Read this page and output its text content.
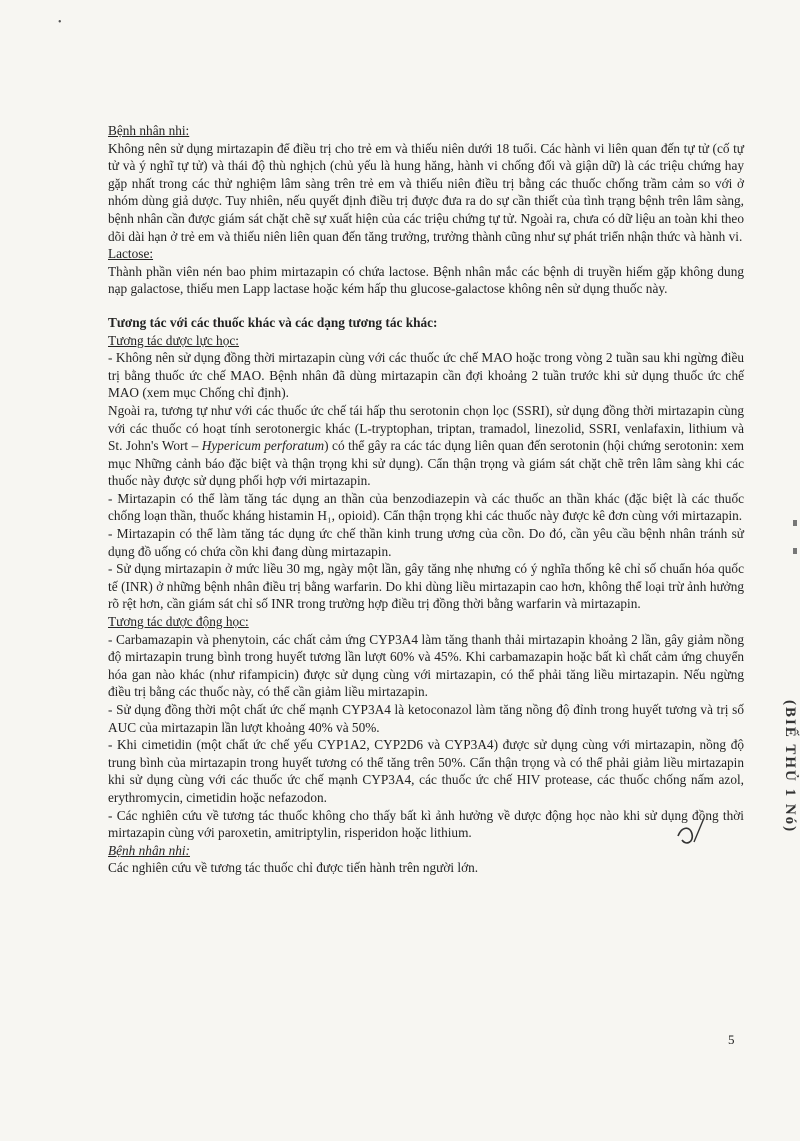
•

Bệnh nhân nhi:

Không nên sử dụng mirtazapin để điều trị cho trẻ em và thiếu niên dưới 18 tuổi. Các hành vi liên quan đến tự tử (cố tự tử và ý nghĩ tự tử) và thái độ thù nghịch (chủ yếu là hung hăng, hành vi chống đối và giận dữ) là các triệu chứng hay gặp nhất trong các thử nghiệm lâm sàng trên trẻ em và thiếu niên điều trị bằng các thuốc chống trầm cảm so với ở nhóm dùng giả dược. Tuy nhiên, nếu quyết định điều trị được đưa ra do sự cần thiết của tình trạng bệnh trên lâm sàng, bệnh nhân cần được giám sát chặt chẽ sự xuất hiện của các triệu chứng tự tử. Ngoài ra, chưa có dữ liệu an toàn khi theo dõi dài hạn ở trẻ em và thiếu niên liên quan đến tăng trưởng, trưởng thành cũng như sự phát triển nhận thức và hành vi.

Lactose:

Thành phần viên nén bao phim mirtazapin có chứa lactose. Bệnh nhân mắc các bệnh di truyền hiếm gặp không dung nạp galactose, thiếu men Lapp lactase hoặc kém hấp thu glucose-galactose không nên sử dụng thuốc này.

Tương tác với các thuốc khác và các dạng tương tác khác:

Tương tác dược lực học:

- Không nên sử dụng đồng thời mirtazapin cùng với các thuốc ức chế MAO hoặc trong vòng 2 tuần sau khi ngừng điều trị bằng thuốc ức chế MAO. Bệnh nhân đã dùng mirtazapin cần đợi khoảng 2 tuần trước khi sử dụng thuốc ức chế MAO (xem mục Chống chỉ định).

Ngoài ra, tương tự như với các thuốc ức chế tái hấp thu serotonin chọn lọc (SSRI), sử dụng đồng thời mirtazapin cùng với các thuốc có hoạt tính serotonergic khác (L-tryptophan, triptan, tramadol, linezolid, SSRI, venlafaxin, lithium và St. John's Wort – Hypericum perforatum) có thể gây ra các tác dụng liên quan đến serotonin (hội chứng serotonin: xem mục Những cảnh báo đặc biệt và thận trọng khi sử dụng). Cẩn thận trọng và giám sát chặt chẽ trên lâm sàng khi các thuốc này được sử dụng phối hợp với mirtazapin.

- Mirtazapin có thể làm tăng tác dụng an thần của benzodiazepin và các thuốc an thần khác (đặc biệt là các thuốc chống loạn thần, thuốc kháng histamin H₁, opioid). Cẩn thận trọng khi các thuốc này được kê đơn cùng với mirtazapin.

- Mirtazapin có thể làm tăng tác dụng ức chế thần kinh trung ương của cồn. Do đó, cần yêu cầu bệnh nhân tránh sử dụng đồ uống có chứa cồn khi đang dùng mirtazapin.

- Sử dụng mirtazapin ở mức liều 30 mg, ngày một lần, gây tăng nhẹ nhưng có ý nghĩa thống kê chỉ số chuẩn hóa quốc tế (INR) ở những bệnh nhân điều trị bằng warfarin. Do khi dùng liều mirtazapin cao hơn, không thể loại trừ ảnh hưởng rõ rệt hơn, cần giám sát chỉ số INR trong trường hợp điều trị đồng thời bằng warfarin và mirtazapin.

Tương tác dược động học:

- Carbamazapin và phenytoin, các chất cảm ứng CYP3A4 làm tăng thanh thải mirtazapin khoảng 2 lần, gây giảm nồng độ mirtazapin trung bình trong huyết tương lần lượt 60% và 45%. Khi carbamazapin hoặc bất kì chất cảm ứng chuyển hóa gan nào khác (như rifampicin) được sử dụng cùng với mirtazapin, có thể phải tăng liều mirtazapin. Nếu ngừng điều trị bằng các thuốc này, có thể cần giảm liều mirtazapin.

- Sử dụng đồng thời một chất ức chế mạnh CYP3A4 là ketoconazol làm tăng nồng độ đỉnh trong huyết tương và trị số AUC của mirtazapin lần lượt khoảng 40% và 50%.

- Khi cimetidin (một chất ức chế yếu CYP1A2, CYP2D6 và CYP3A4) được sử dụng cùng với mirtazapin, nồng độ trung bình của mirtazapin trong huyết tương có thể tăng trên 50%. Cẩn thận trọng và có thể phải giảm liều mirtazapin khi sử dụng cùng với các thuốc ức chế mạnh CYP3A4, các thuốc ức chế HIV protease, các thuốc chống nấm azol, erythromycin, cimetidin hoặc nefazodon.

- Các nghiên cứu về tương tác thuốc không cho thấy bất kì ảnh hưởng về dược động học nào khi sử dụng đồng thời mirtazapin cùng với paroxetin, amitriptylin, risperidon hoặc lithium.

Bệnh nhân nhi:

Các nghiên cứu về tương tác thuốc chỉ được tiến hành trên người lớn.

(BIẾ THỦ 1 Nó)
5
